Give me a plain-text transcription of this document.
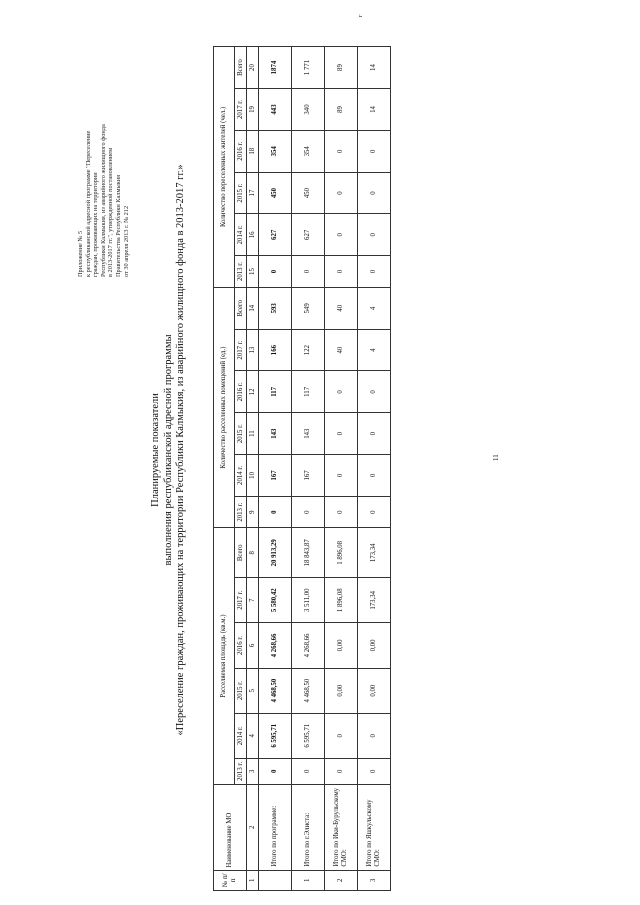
Приложение № 5 к республиканской адресной программе "Переселение граждан, проживающих на территории Республики Калмыкия, из аварийного жилищного фонда в 2013-2017 гг.", утвержденной постановлением Правительства Республики Калмыкия от 30 апреля 2013 г. № 212
Планируемые показатели выполнения республиканской адресной программы «Переселение граждан, проживающих на территории Республики Калмыкия, из аварийного жилищного фонда в 2013-2017 гг.»
№ п/п	Наименование МО	Расселяемая площадь (кв.м.)						Количество расселенных помещений (ед.)						Количество переселенных жителей (чел.)					
		2013 г.	2014 г.	2015 г.	2016 г.	2017 г.	Всего	2013 г.	2014 г.	2015 г.	2016 г.	2017 г.	Всего	2013 г.	2014 г.	2015 г.	2016 г.	2017 г.	Всего
1	2	3	4	5	6	7	8	9	10	11	12	13	14	15	16	17	18	19	20
	Итого по программе:	0	6 595,71	4 468,50	4 268,66	5 580,42	20 913,29	0	167	143	117	166	593	0	627	450	354	443	1874
1	Итого по г.Элиста:	0	6 595,71	4 468,50	4 268,66	3 511,00	18 843,87	0	167	143	117	122	549	0	627	450	354	340	1 771
2	Итого по Ики-Бурульскому СМО:	0	0	0,00	0,00	1 896,08	1 896,08	0	0	0	0	40	40	0	0	0	0	89	89
3	Итого по Яшкульскому СМО:	0	0	0,00	0,00	173,34	173,34	0	0	0	0	4	4	0	0	0	0	14	14
11
г
